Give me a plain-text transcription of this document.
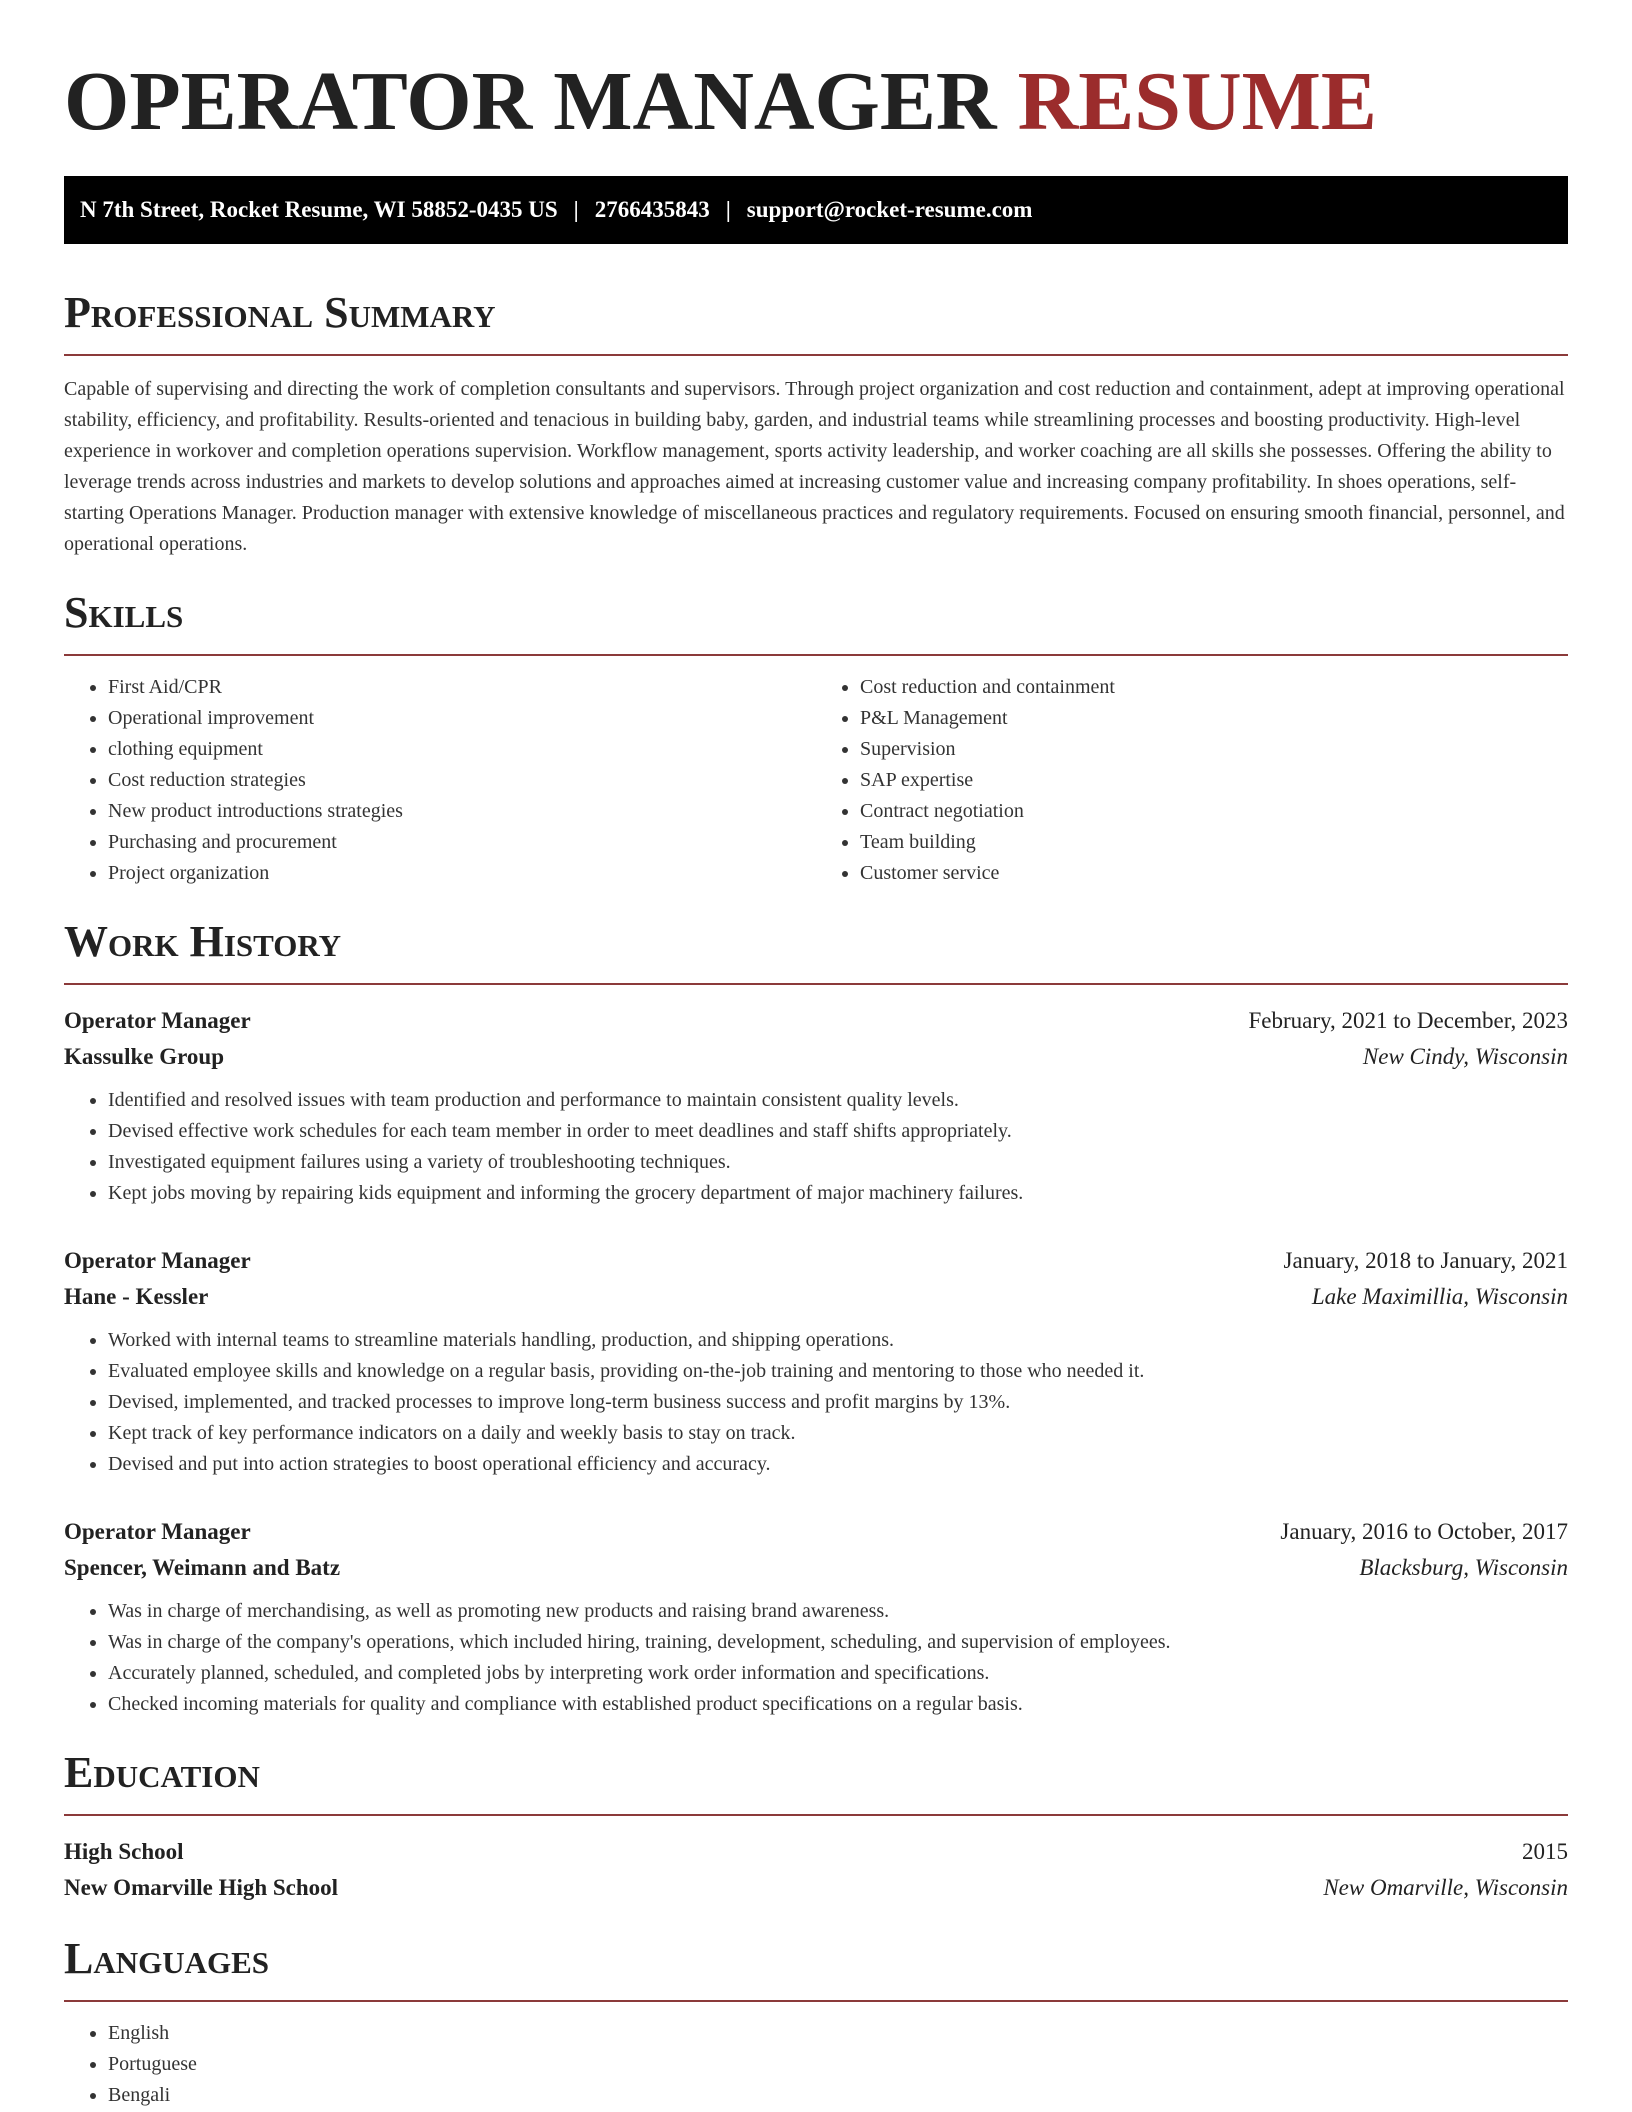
OPERATOR MANAGER RESUME
N 7th Street, Rocket Resume, WI 58852-0435 US | 2766435843 | support@rocket-resume.com
Professional Summary

Capable of supervising and directing the work of completion consultants and supervisors. Through project organization and cost reduction and containment, adept at improving operational stability, efficiency, and profitability. Results-oriented and tenacious in building baby, garden, and industrial teams while streamlining processes and boosting productivity. High-level experience in workover and completion operations supervision. Workflow management, sports activity leadership, and worker coaching are all skills she possesses. Offering the ability to leverage trends across industries and markets to develop solutions and approaches aimed at increasing customer value and increasing company profitability. In shoes operations, self-starting Operations Manager. Production manager with extensive knowledge of miscellaneous practices and regulatory requirements. Focused on ensuring smooth financial, personnel, and operational operations.

Skills
• First Aid/CPR
• Operational improvement
• clothing equipment
• Cost reduction strategies
• New product introductions strategies
• Purchasing and procurement
• Project organization
• Cost reduction and containment
• P&L Management
• Supervision
• SAP expertise
• Contract negotiation
• Team building
• Customer service
Work History
Operator Manager	February, 2021 to December, 2023
Kassulke Group	New Cindy, Wisconsin
• Identified and resolved issues with team production and performance to maintain consistent quality levels.
• Devised effective work schedules for each team member in order to meet deadlines and staff shifts appropriately.
• Investigated equipment failures using a variety of troubleshooting techniques.
• Kept jobs moving by repairing kids equipment and informing the grocery department of major machinery failures.
Operator Manager	January, 2018 to January, 2021
Hane - Kessler	Lake Maximillia, Wisconsin
• Worked with internal teams to streamline materials handling, production, and shipping operations.
• Evaluated employee skills and knowledge on a regular basis, providing on-the-job training and mentoring to those who needed it.
• Devised, implemented, and tracked processes to improve long-term business success and profit margins by 13%.
• Kept track of key performance indicators on a daily and weekly basis to stay on track.
• Devised and put into action strategies to boost operational efficiency and accuracy.
Operator Manager	January, 2016 to October, 2017
Spencer, Weimann and Batz	Blacksburg, Wisconsin
• Was in charge of merchandising, as well as promoting new products and raising brand awareness.
• Was in charge of the company's operations, which included hiring, training, development, scheduling, and supervision of employees.
• Accurately planned, scheduled, and completed jobs by interpreting work order information and specifications.
• Checked incoming materials for quality and compliance with established product specifications on a regular basis.
Education
High School	2015
New Omarville High School	New Omarville, Wisconsin
Languages
• English
• Portuguese
• Bengali
